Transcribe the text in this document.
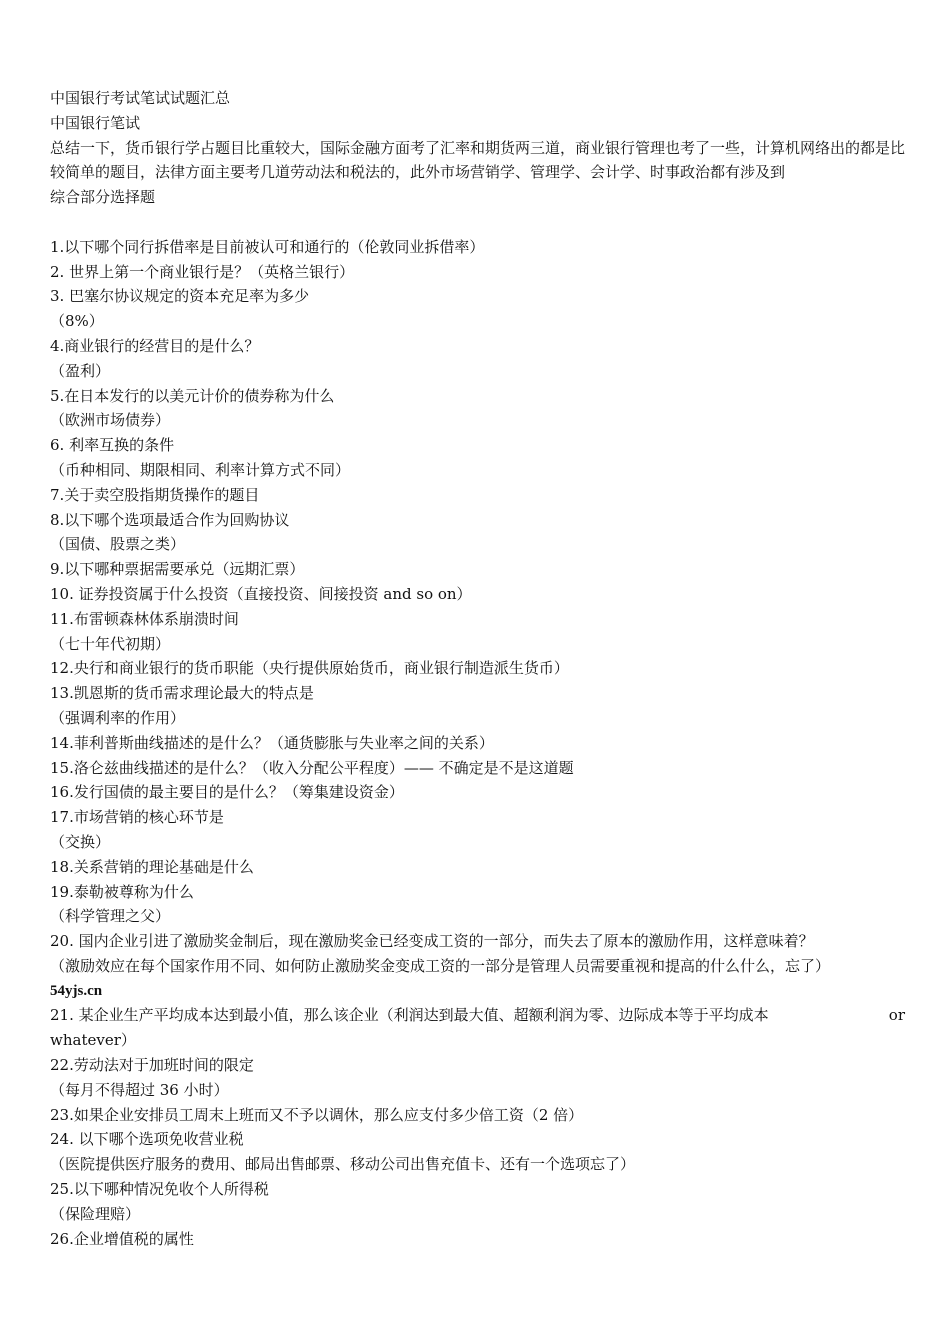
中国银行考试笔试试题汇总
中国银行笔试
总结一下，货币银行学占题目比重较大，国际金融方面考了汇率和期货两三道，商业银行管理也考了一些，计算机网络出的都是比较简单的题目，法律方面主要考几道劳动法和税法的，此外市场营销学、管理学、会计学、时事政治都有涉及到
综合部分选择题
1.以下哪个同行拆借率是目前被认可和通行的（伦敦同业拆借率）
2. 世界上第一个商业银行是？（英格兰银行）
3. 巴塞尔协议规定的资本充足率为多少
（8%）
4.商业银行的经营目的是什么？
（盈利）
5.在日本发行的以美元计价的债券称为什么
（欧洲市场债券）
6. 利率互换的条件
（币种相同、期限相同、利率计算方式不同）
7.关于卖空股指期货操作的题目
8.以下哪个选项最适合作为回购协议
（国债、股票之类）
9.以下哪种票据需要承兑（远期汇票）
10. 证券投资属于什么投资（直接投资、间接投资 and so on）
11.布雷顿森林体系崩溃时间
（七十年代初期）
12.央行和商业银行的货币职能（央行提供原始货币，商业银行制造派生货币）
13.凯恩斯的货币需求理论最大的特点是
（强调利率的作用）
14.菲利普斯曲线描述的是什么？（通货膨胀与失业率之间的关系）
15.洛仑兹曲线描述的是什么？（收入分配公平程度）—— 不确定是不是这道题
16.发行国债的最主要目的是什么？（筹集建设资金）
17.市场营销的核心环节是
（交换）
18.关系营销的理论基础是什么
19.泰勒被尊称为什么
（科学管理之父）
20. 国内企业引进了激励奖金制后，现在激励奖金已经变成工资的一部分，而失去了原本的激励作用，这样意味着？
（激励效应在每个国家作用不同、如何防止激励奖金变成工资的一部分是管理人员需要重视和提高的什么什么，忘了）
54yjs.cn
21. 某企业生产平均成本达到最小值，那么该企业（利润达到最大值、超额利润为零、边际成本等于平均成本	or
whatever）
22.劳动法对于加班时间的限定
（每月不得超过 36 小时）
23.如果企业安排员工周末上班而又不予以调休，那么应支付多少倍工资（2 倍）
24. 以下哪个选项免收营业税
（医院提供医疗服务的费用、邮局出售邮票、移动公司出售充值卡、还有一个选项忘了）
25.以下哪种情况免收个人所得税
（保险理赔）
26.企业增值税的属性
